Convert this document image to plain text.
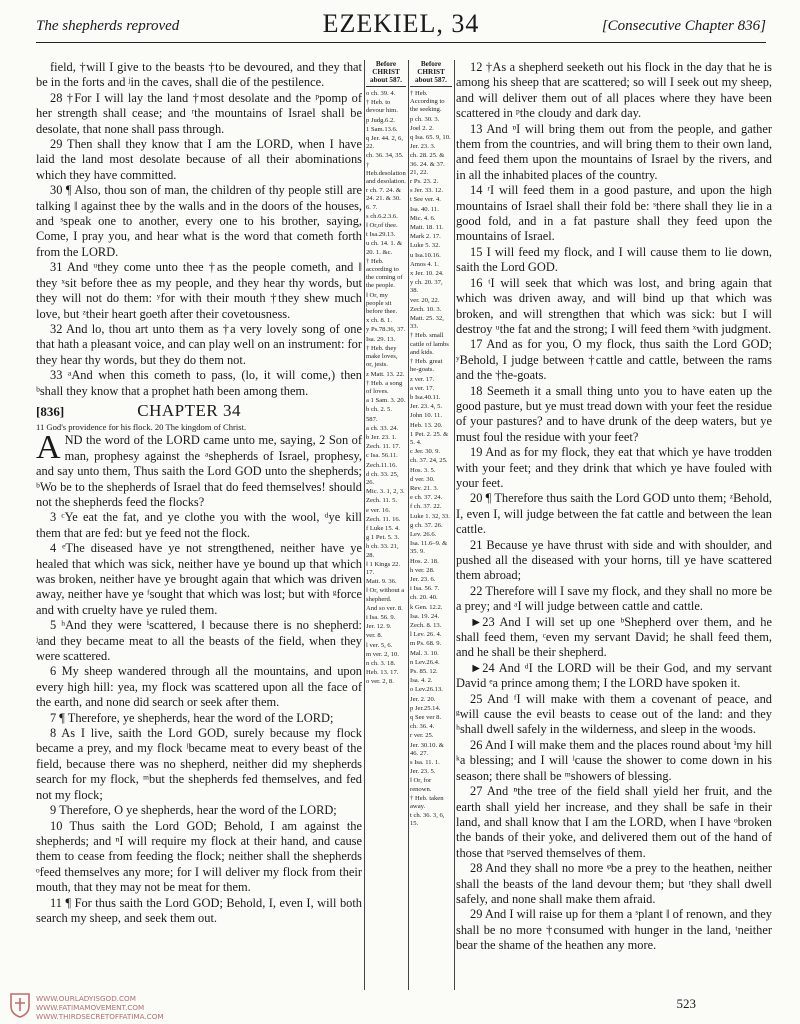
The shepherds reproved	EZEKIEL, 34	[Consecutive Chapter 836]

field, †will I give to the beasts †to be devoured, and they that be in the forts and ʲin the caves, shall die of the pestilence.

28 †For I will lay the land †most desolate and the ᵖpomp of her strength shall cease; and ʳthe mountains of Israel shall be desolate, that none shall pass through.

29 Then shall they know that I am the LORD, when I have laid the land most desolate because of all their abominations which they have committed.

30 ¶ Also, thou son of man, the children of thy people still are talking ‖ against thee by the walls and in the doors of the houses, and ˢspeak one to another, every one to his brother, saying, Come, I pray you, and hear what is the word that cometh forth from the LORD.

31 And ᵘthey come unto thee †as the people cometh, and ‖ they ˣsit before thee as my people, and they hear thy words, but they will not do them: ʸfor with their mouth †they shew much love, but ᶻtheir heart goeth after their covetousness.

32 And lo, thou art unto them as †a very lovely song of one that hath a pleasant voice, and can play well on an instrument: for they hear thy words, but they do them not.

33 ᵃAnd when this cometh to pass, (lo, it will come,) then ᵇshall they know that a prophet hath been among them.

[836]	CHAPTER 34

11 God's providence for his flock. 20 The kingdom of Christ.

AND the word of the LORD came unto me, saying, 2 Son of man, prophesy against the ᵃshepherds of Israel, prophesy, and say unto them, Thus saith the Lord GOD unto the shepherds; ᵇWo be to the shepherds of Israel that do feed themselves! should not the shepherds feed the flocks?

3 ᶜYe eat the fat, and ye clothe you with the wool, ᵈye kill them that are fed: but ye feed not the flock.

4 ᵉThe diseased have ye not strengthened, neither have ye healed that which was sick, neither have ye bound up that which was broken, neither have ye brought again that which was driven away, neither have ye ᶠsought that which was lost; but with ᵍforce and with cruelty have ye ruled them.

5 ʰAnd they were ⁱscattered, ‖ because there is no shepherd: ʲand they became meat to all the beasts of the field, when they were scattered.

6 My sheep wandered through all the mountains, and upon every high hill: yea, my flock was scattered upon all the face of the earth, and none did search or seek after them.

7 ¶ Therefore, ye shepherds, hear the word of the LORD;

8 As I live, saith the Lord GOD, surely because my flock became a prey, and my flock ˡbecame meat to every beast of the field, because there was no shepherd, neither did my shepherds search for my flock, ᵐbut the shepherds fed themselves, and fed not my flock;

9 Therefore, O ye shepherds, hear the word of the LORD;

10 Thus saith the Lord GOD; Behold, I am against the shepherds; and ⁿI will require my flock at their hand, and cause them to cease from feeding the flock; neither shall the shepherds ᵒfeed themselves any more; for I will deliver my flock from their mouth, that they may not be meat for them.

11 ¶ For thus saith the Lord GOD; Behold, I, even I, will both search my sheep, and seek them out.

Before
CHRIST
about 587.
o ch. 39. 4.
† Heb. to devour him.
p Judg.6.2.
1 Sam.13.6.
q Jer. 44. 2, 6, 22.
ch. 36. 34, 35.
† Heb.desolation and desolation.
r ch. 7. 24. & 24. 21. & 30. 6. 7.
s ch.6.2.3.6.
‖ Or,of thee.
t Isa.29.13.
u ch. 14. 1. & 20. 1. &c.
† Heb. according to the coming of the people.
‖ Or, my people sit before thee.
x ch. 8. 1.
y Ps.78.36, 37.
Isa. 29. 13.
† Heb. they make loves, or, jests.
z Matt. 13. 22.
† Heb. a song of loves.
a 1 Sam. 3. 20.
b ch. 2. 5.
587.
a ch. 33. 24.
b Jer. 23. 1.
Zech. 11. 17.
c Isa. 56.11.
Zech.11.16.
d ch. 33. 25, 26.
Mic. 3. 1, 2, 3.
Zech. 11. 5.
e ver. 16.
Zech. 11. 16.
f Luke 15. 4.
g 1 Pet. 5. 3.
h ch. 33. 21, 28.
‖ 1 Kings 22. 17.
Matt. 9. 36.
‖ Or, without a shepherd.
And so ver. 8.
i Isa. 56. 9.
Jer. 12. 9.
ver. 8.
l ver. 5, 6.
m ver. 2, 10.
n ch. 3. 18.
Heb. 13. 17.
o ver. 2, 8.
Before
CHRIST
about 587.
† Heb. According to the seeking.
p ch. 30. 3.
Joel 2. 2.
q Isa. 65. 9, 10.
Jer. 23. 3.
ch. 28. 25. & 36. 24. & 37. 21, 22.
r Ps. 23. 2.
s Jer. 33. 12.
t See ver. 4.
Isa. 40. 11.
Mic. 4. 6.
Matt. 18. 11.
Mark 2. 17.
Luke 5. 32.
u Isa.10.16.
Amos 4. 1.
x Jer. 10. 24.
y ch. 20. 37, 38.
ver. 20, 22.
Zech. 10. 3.
Matt. 25. 32, 33.
† Heb. small cattle of lambs and kids.
† Heb. great he-goats.
z ver. 17.
a ver. 17.
b Isa.40.11.
Jer. 23. 4, 5.
John 10. 11.
Heb. 13. 20.
1 Pet. 2. 25. & 5. 4.
c Jer. 30. 9.
ch. 37. 24, 25.
Hos. 3. 5.
d ver. 30.
Rev. 21. 3.
e ch. 37. 24.
f ch. 37. 22.
Luke 1. 32, 33.
g ch. 37. 26.
Lev. 26.6.
Isa. 11.6–9. & 35. 9.
Hos. 2. 18.
h ver. 28.
Jer. 23. 6.
i Isa. 56. 7.
ch. 20. 40.
k Gen. 12.2.
Isa. 19. 24.
Zech. 8. 13.
l Lev. 26. 4.
m Ps. 68. 9.
Mal. 3. 10.
n Lev.26.4.
Ps. 85. 12.
Isa. 4. 2.
o Lev.26.13.
Jer. 2. 20.
p Jer.25.14.
q See ver 8.
ch. 36. 4.
r ver. 25.
Jer. 30.10. & 46. 27.
s Isa. 11. 1.
Jer. 23. 5.
‖ Or, for renown.
† Heb. taken away.
t ch. 36. 3, 6, 15.

12 †As a shepherd seeketh out his flock in the day that he is among his sheep that are scattered; so will I seek out my sheep, and will deliver them out of all places where they have been scattered in ᵖthe cloudy and dark day.

13 And ᶛI will bring them out from the people, and gather them from the countries, and will bring them to their own land, and feed them upon the mountains of Israel by the rivers, and in all the inhabited places of the country.

14 ʳI will feed them in a good pasture, and upon the high mountains of Israel shall their fold be: ˢthere shall they lie in a good fold, and in a fat pasture shall they feed upon the mountains of Israel.

15 I will feed my flock, and I will cause them to lie down, saith the Lord GOD.

16 ᵗI will seek that which was lost, and bring again that which was driven away, and will bind up that which was broken, and will strengthen that which was sick: but I will destroy ᵘthe fat and the strong; I will feed them ˣwith judgment.

17 And as for you, O my flock, thus saith the Lord GOD; ʸBehold, I judge between †cattle and cattle, between the rams and the †he-goats.

18 Seemeth it a small thing unto you to have eaten up the good pasture, but ye must tread down with your feet the residue of your pastures? and to have drunk of the deep waters, but ye must foul the residue with your feet?

19 And as for my flock, they eat that which ye have trodden with your feet; and they drink that which ye have fouled with your feet.

20 ¶ Therefore thus saith the Lord GOD unto them; ᶻBehold, I, even I, will judge between the fat cattle and between the lean cattle.

21 Because ye have thrust with side and with shoulder, and pushed all the diseased with your horns, till ye have scattered them abroad;

22 Therefore will I save my flock, and they shall no more be a prey; and ᵃI will judge between cattle and cattle.

►23 And I will set up one ᵇShepherd over them, and he shall feed them, ᶜeven my servant David; he shall feed them, and he shall be their shepherd.

►24 And ᵈI the LORD will be their God, and my servant David ᵉa prince among them; I the LORD have spoken it.

25 And ᶠI will make with them a covenant of peace, and ᵍwill cause the evil beasts to cease out of the land: and they ʰshall dwell safely in the wilderness, and sleep in the woods.

26 And I will make them and the places round about ⁱmy hill ᵏa blessing; and I will ˡcause the shower to come down in his season; there shall be ᵐshowers of blessing.

27 And ⁿthe tree of the field shall yield her fruit, and the earth shall yield her increase, and they shall be safe in their land, and shall know that I am the LORD, when I have ᵒbroken the bands of their yoke, and delivered them out of the hand of those that ᵖserved themselves of them.

28 And they shall no more ᵠbe a prey to the heathen, neither shall the beasts of the land devour them; but ʳthey shall dwell safely, and none shall make them afraid.

29 And I will raise up for them a ˢplant ‖ of renown, and they shall be no more †consumed with hunger in the land, ᵗneither bear the shame of the heathen any more.

WWW.OURLADYISGOD.COM
WWW.FATIMAMOVEMENT.COM
WWW.THIRDSECRETOFFATIMA.COM
523
